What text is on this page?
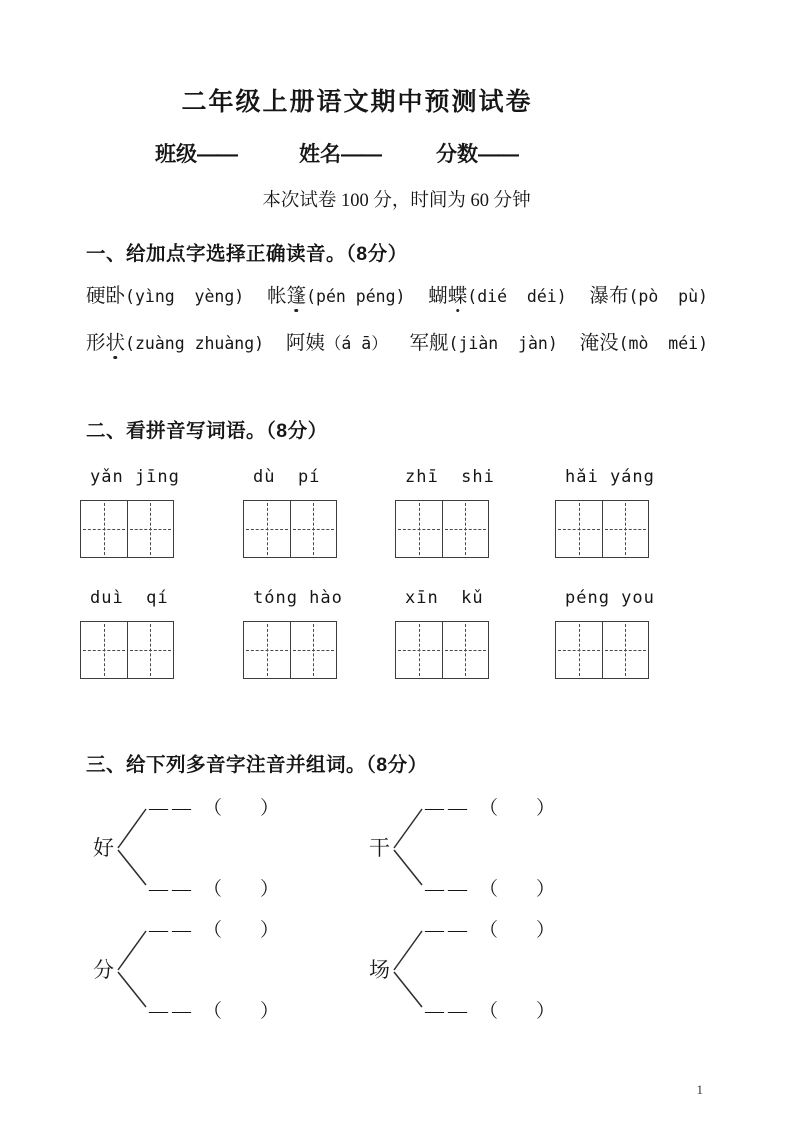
二年级上册语文期中预测试卷
班级——	姓名——	分数——
本次试卷 100 分，时间为 60 分钟
一、给加点字选择正确读音。（8分）
硬卧(yìng  yèng) 帐篷(pén péng) 蝴蝶(dié  déi) 瀑布(pò  pù)
形状(zuàng zhuàng) 阿姨（á ā） 军舰(jiàn  jàn) 淹没(mò  méi)
二、看拼音写词语。（8分）
yǎn jīng	dù  pí	zhī  shi	hǎi yáng
duì  qí	tóng hào	xīn  kǔ	péng you
三、给下列多音字注音并组词。（8分）
好
—— （　　）
—— （　　）
干
—— （　　）
—— （　　）
分
—— （　　）
—— （　　）
场
—— （　　）
—— （　　）
1
